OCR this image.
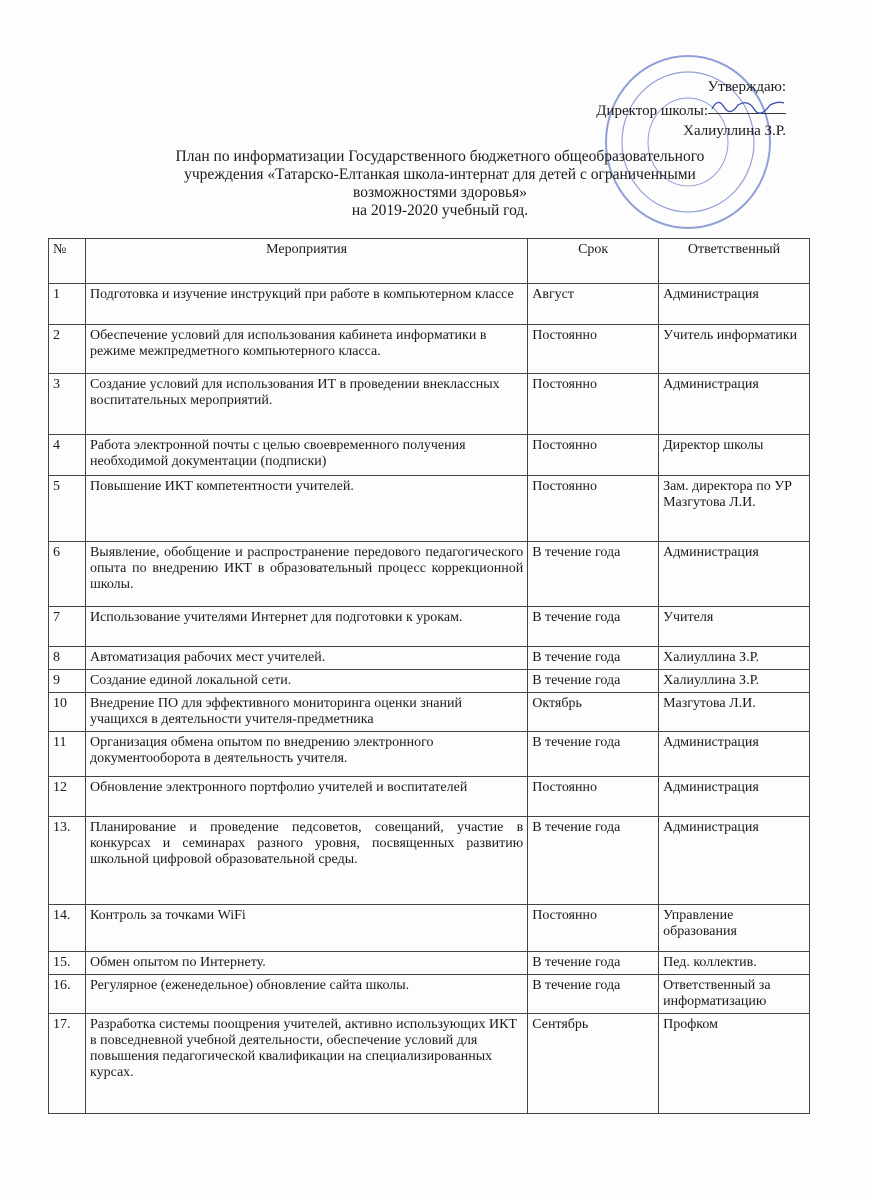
Утверждаю:
Директор школы:
Халиуллина З.Р.
План по информатизации Государственного бюджетного общеобразовательного
учреждения «Татарско-Елтанкая школа-интернат для детей с ограниченными
возможностями здоровья»
на 2019-2020 учебный год.
№	Мероприятия	Срок	Ответственный
1	Подготовка и изучение инструкций при работе в компьютерном классе	Август	Администрация
2	Обеспечение условий для использования кабинета информатики в режиме межпредметного компьютерного класса.	Постоянно	Учитель информатики
3	Создание условий для использования ИТ в проведении внеклассных воспитательных мероприятий.	Постоянно	Администрация
4	Работа электронной почты с целью своевременного получения необходимой документации (подписки)	Постоянно	Директор школы
5	Повышение ИКТ компетентности учителей.	Постоянно	Зам. директора по УР Мазгутова Л.И.
6	Выявление, обобщение и распространение передового педагогического опыта по внедрению ИКТ в образовательный процесс коррекционной школы.	В течение года	Администрация
7	Использование учителями Интернет для подготовки к урокам.	В течение года	Учителя
8	Автоматизация рабочих мест учителей.	В течение года	Халиуллина З.Р.
9	Создание единой локальной сети.	В течение года	Халиуллина З.Р.
10	Внедрение ПО для эффективного мониторинга оценки знаний учащихся в деятельности учителя-предметника	Октябрь	Мазгутова Л.И.
11	Организация обмена опытом по внедрению электронного документооборота в деятельность учителя.	В течение года	Администрация
12	Обновление электронного портфолио учителей и воспитателей	Постоянно	Администрация
13.	Планирование и проведение педсоветов, совещаний, участие в конкурсах и семинарах разного уровня, посвященных развитию школьной цифровой образовательной среды.	В течение года	Администрация
14.	Контроль за точками WiFi	Постоянно	Управление образования
15.	Обмен опытом по Интернету.	В течение года	Пед. коллектив.
16.	Регулярное (еженедельное) обновление сайта школы.	В течение года	Ответственный за информатизацию
17.	Разработка системы поощрения учителей, активно использующих ИКТ в повседневной учебной деятельности, обеспечение условий для повышения педагогической квалификации на специализированных курсах.	Сентябрь	Профком
